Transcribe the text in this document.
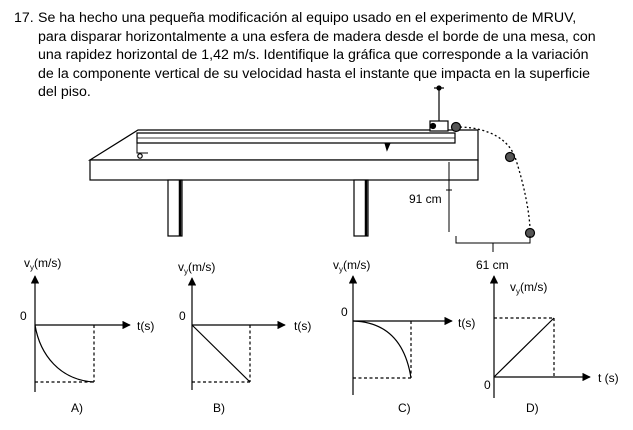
17. Se ha hecho una pequeña modificación al equipo usado en el experimento de MRUV,
para disparar horizontalmente a una esfera de madera desde el borde de una mesa, con
una rapidez horizontal de 1,42 m/s. Identifique la gráfica que corresponde a la variación
de la componente vertical de su velocidad hasta el instante que impacta en la superficie
del piso.
91 cm
61 cm
$v_y(m/s)$
0
t(s)
A)
$v_y(m/s)$
0
t(s)
B)
$v_y(m/s)$
0
t(s)
C)
$v_y(m/s)$
0	t (s)
D)
